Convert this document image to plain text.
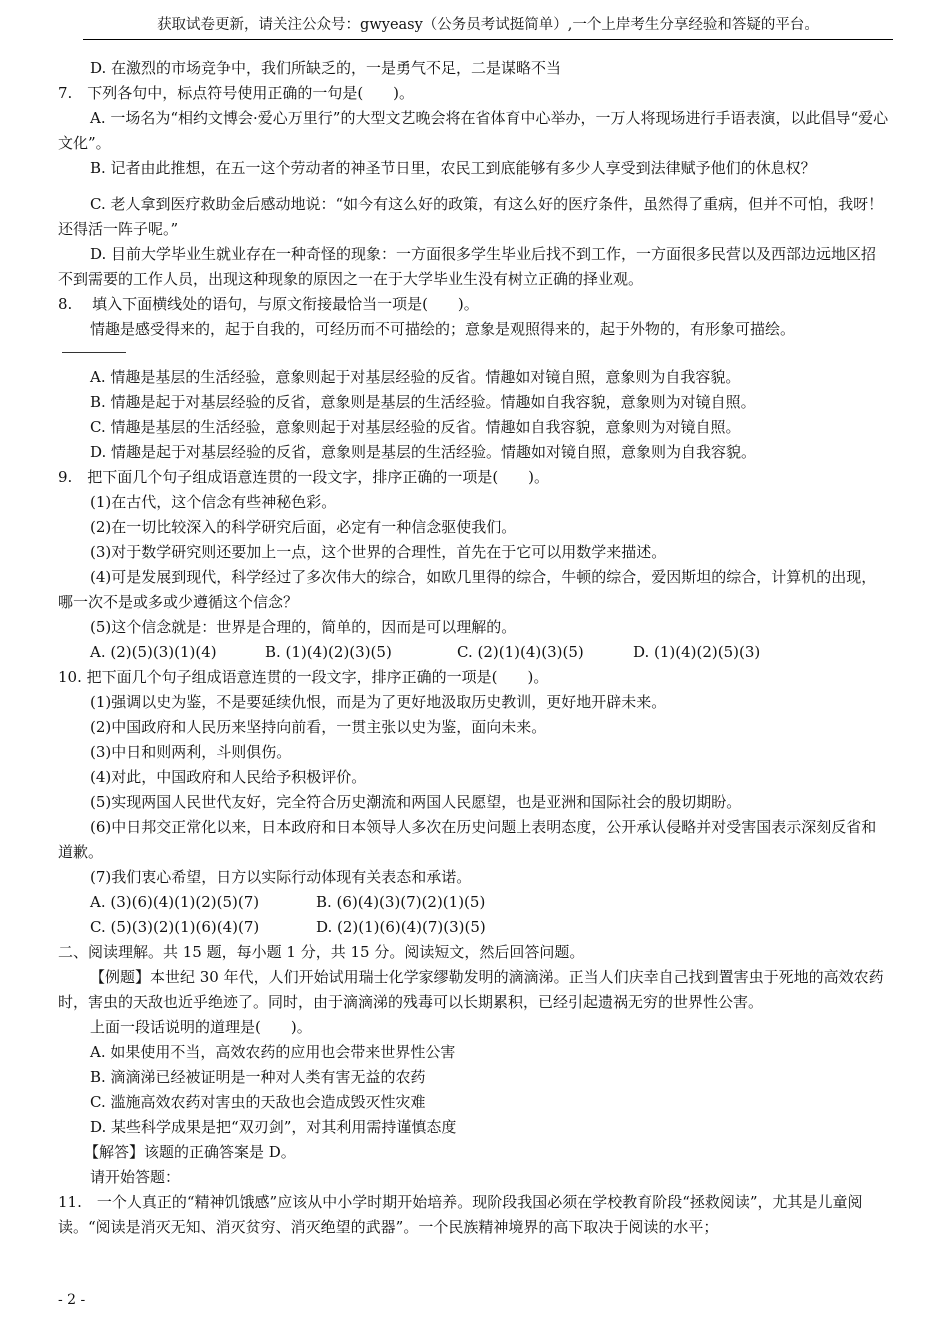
获取试卷更新，请关注公众号：gwyeasy（公务员考试挺简单）,一个上岸考生分享经验和答疑的平台。

D. 在激烈的市场竞争中，我们所缺乏的，一是勇气不足，二是谋略不当

7.　下列各句中，标点符号使用正确的一句是(　　)。

A. 一场名为“相约文博会·爱心万里行”的大型文艺晚会将在省体育中心举办，一万人将现场进行手语表演，以此倡导“爱心文化”。

B. 记者由此推想，在五一这个劳动者的神圣节日里，农民工到底能够有多少人享受到法律赋予他们的休息权？

C. 老人拿到医疗救助金后感动地说：“如今有这么好的政策，有这么好的医疗条件，虽然得了重病，但并不可怕，我呀！还得活一阵子呢。”

D. 目前大学毕业生就业存在一种奇怪的现象：一方面很多学生毕业后找不到工作，一方面很多民营以及西部边远地区招不到需要的工作人员，出现这种现象的原因之一在于大学毕业生没有树立正确的择业观。

8.　 填入下面横线处的语句，与原文衔接最恰当一项是(　　)。

情趣是感受得来的，起于自我的，可经历而不可描绘的；意象是观照得来的，起于外物的，有形象可描绘。

A. 情趣是基层的生活经验，意象则起于对基层经验的反省。情趣如对镜自照，意象则为自我容貌。

B. 情趣是起于对基层经验的反省，意象则是基层的生活经验。情趣如自我容貌，意象则为对镜自照。

C. 情趣是基层的生活经验，意象则起于对基层经验的反省。情趣如自我容貌，意象则为对镜自照。

D. 情趣是起于对基层经验的反省，意象则是基层的生活经验。情趣如对镜自照，意象则为自我容貌。

9.　把下面几个句子组成语意连贯的一段文字，排序正确的一项是(　　)。

(1)在古代，这个信念有些神秘色彩。

(2)在一切比较深入的科学研究后面，必定有一种信念驱使我们。

(3)对于数学研究则还要加上一点，这个世界的合理性，首先在于它可以用数学来描述。

(4)可是发展到现代，科学经过了多次伟大的综合，如欧几里得的综合，牛顿的综合，爱因斯坦的综合，计算机的出现，哪一次不是或多或少遵循这个信念？

(5)这个信念就是：世界是合理的，简单的，因而是可以理解的。

A. (2)(5)(3)(1)(4)	B. (1)(4)(2)(3)(5)	C. (2)(1)(4)(3)(5)	D. (1)(4)(2)(5)(3)

10. 把下面几个句子组成语意连贯的一段文字，排序正确的一项是(　　)。

(1)强调以史为鉴，不是要延续仇恨，而是为了更好地汲取历史教训，更好地开辟未来。

(2)中国政府和人民历来坚持向前看，一贯主张以史为鉴，面向未来。

(3)中日和则两利，斗则俱伤。

(4)对此，中国政府和人民给予积极评价。

(5)实现两国人民世代友好，完全符合历史潮流和两国人民愿望，也是亚洲和国际社会的殷切期盼。

(6)中日邦交正常化以来，日本政府和日本领导人多次在历史问题上表明态度，公开承认侵略并对受害国表示深刻反省和道歉。

(7)我们衷心希望，日方以实际行动体现有关表态和承诺。

A. (3)(6)(4)(1)(2)(5)(7)	B. (6)(4)(3)(7)(2)(1)(5)
C. (5)(3)(2)(1)(6)(4)(7)	D. (2)(1)(6)(4)(7)(3)(5)

二、阅读理解。共 15 题，每小题 1 分，共 15 分。阅读短文，然后回答问题。

【例题】本世纪 30 年代，人们开始试用瑞士化学家缪勒发明的滴滴涕。正当人们庆幸自己找到置害虫于死地的高效农药时，害虫的天敌也近乎绝迹了。同时，由于滴滴涕的残毒可以长期累积，已经引起遗祸无穷的世界性公害。

上面一段话说明的道理是(　　)。

A. 如果使用不当，高效农药的应用也会带来世界性公害

B. 滴滴涕已经被证明是一种对人类有害无益的农药

C. 滥施高效农药对害虫的天敌也会造成毁灭性灾难

D. 某些科学成果是把“双刃剑”，对其利用需持谨慎态度

【解答】该题的正确答案是 D。

请开始答题：

11.　一个人真正的“精神饥饿感”应该从中小学时期开始培养。现阶段我国必须在学校教育阶段“拯救阅读”，尤其是儿童阅读。“阅读是消灭无知、消灭贫穷、消灭绝望的武器”。一个民族精神境界的高下取决于阅读的水平；

- 2 -
